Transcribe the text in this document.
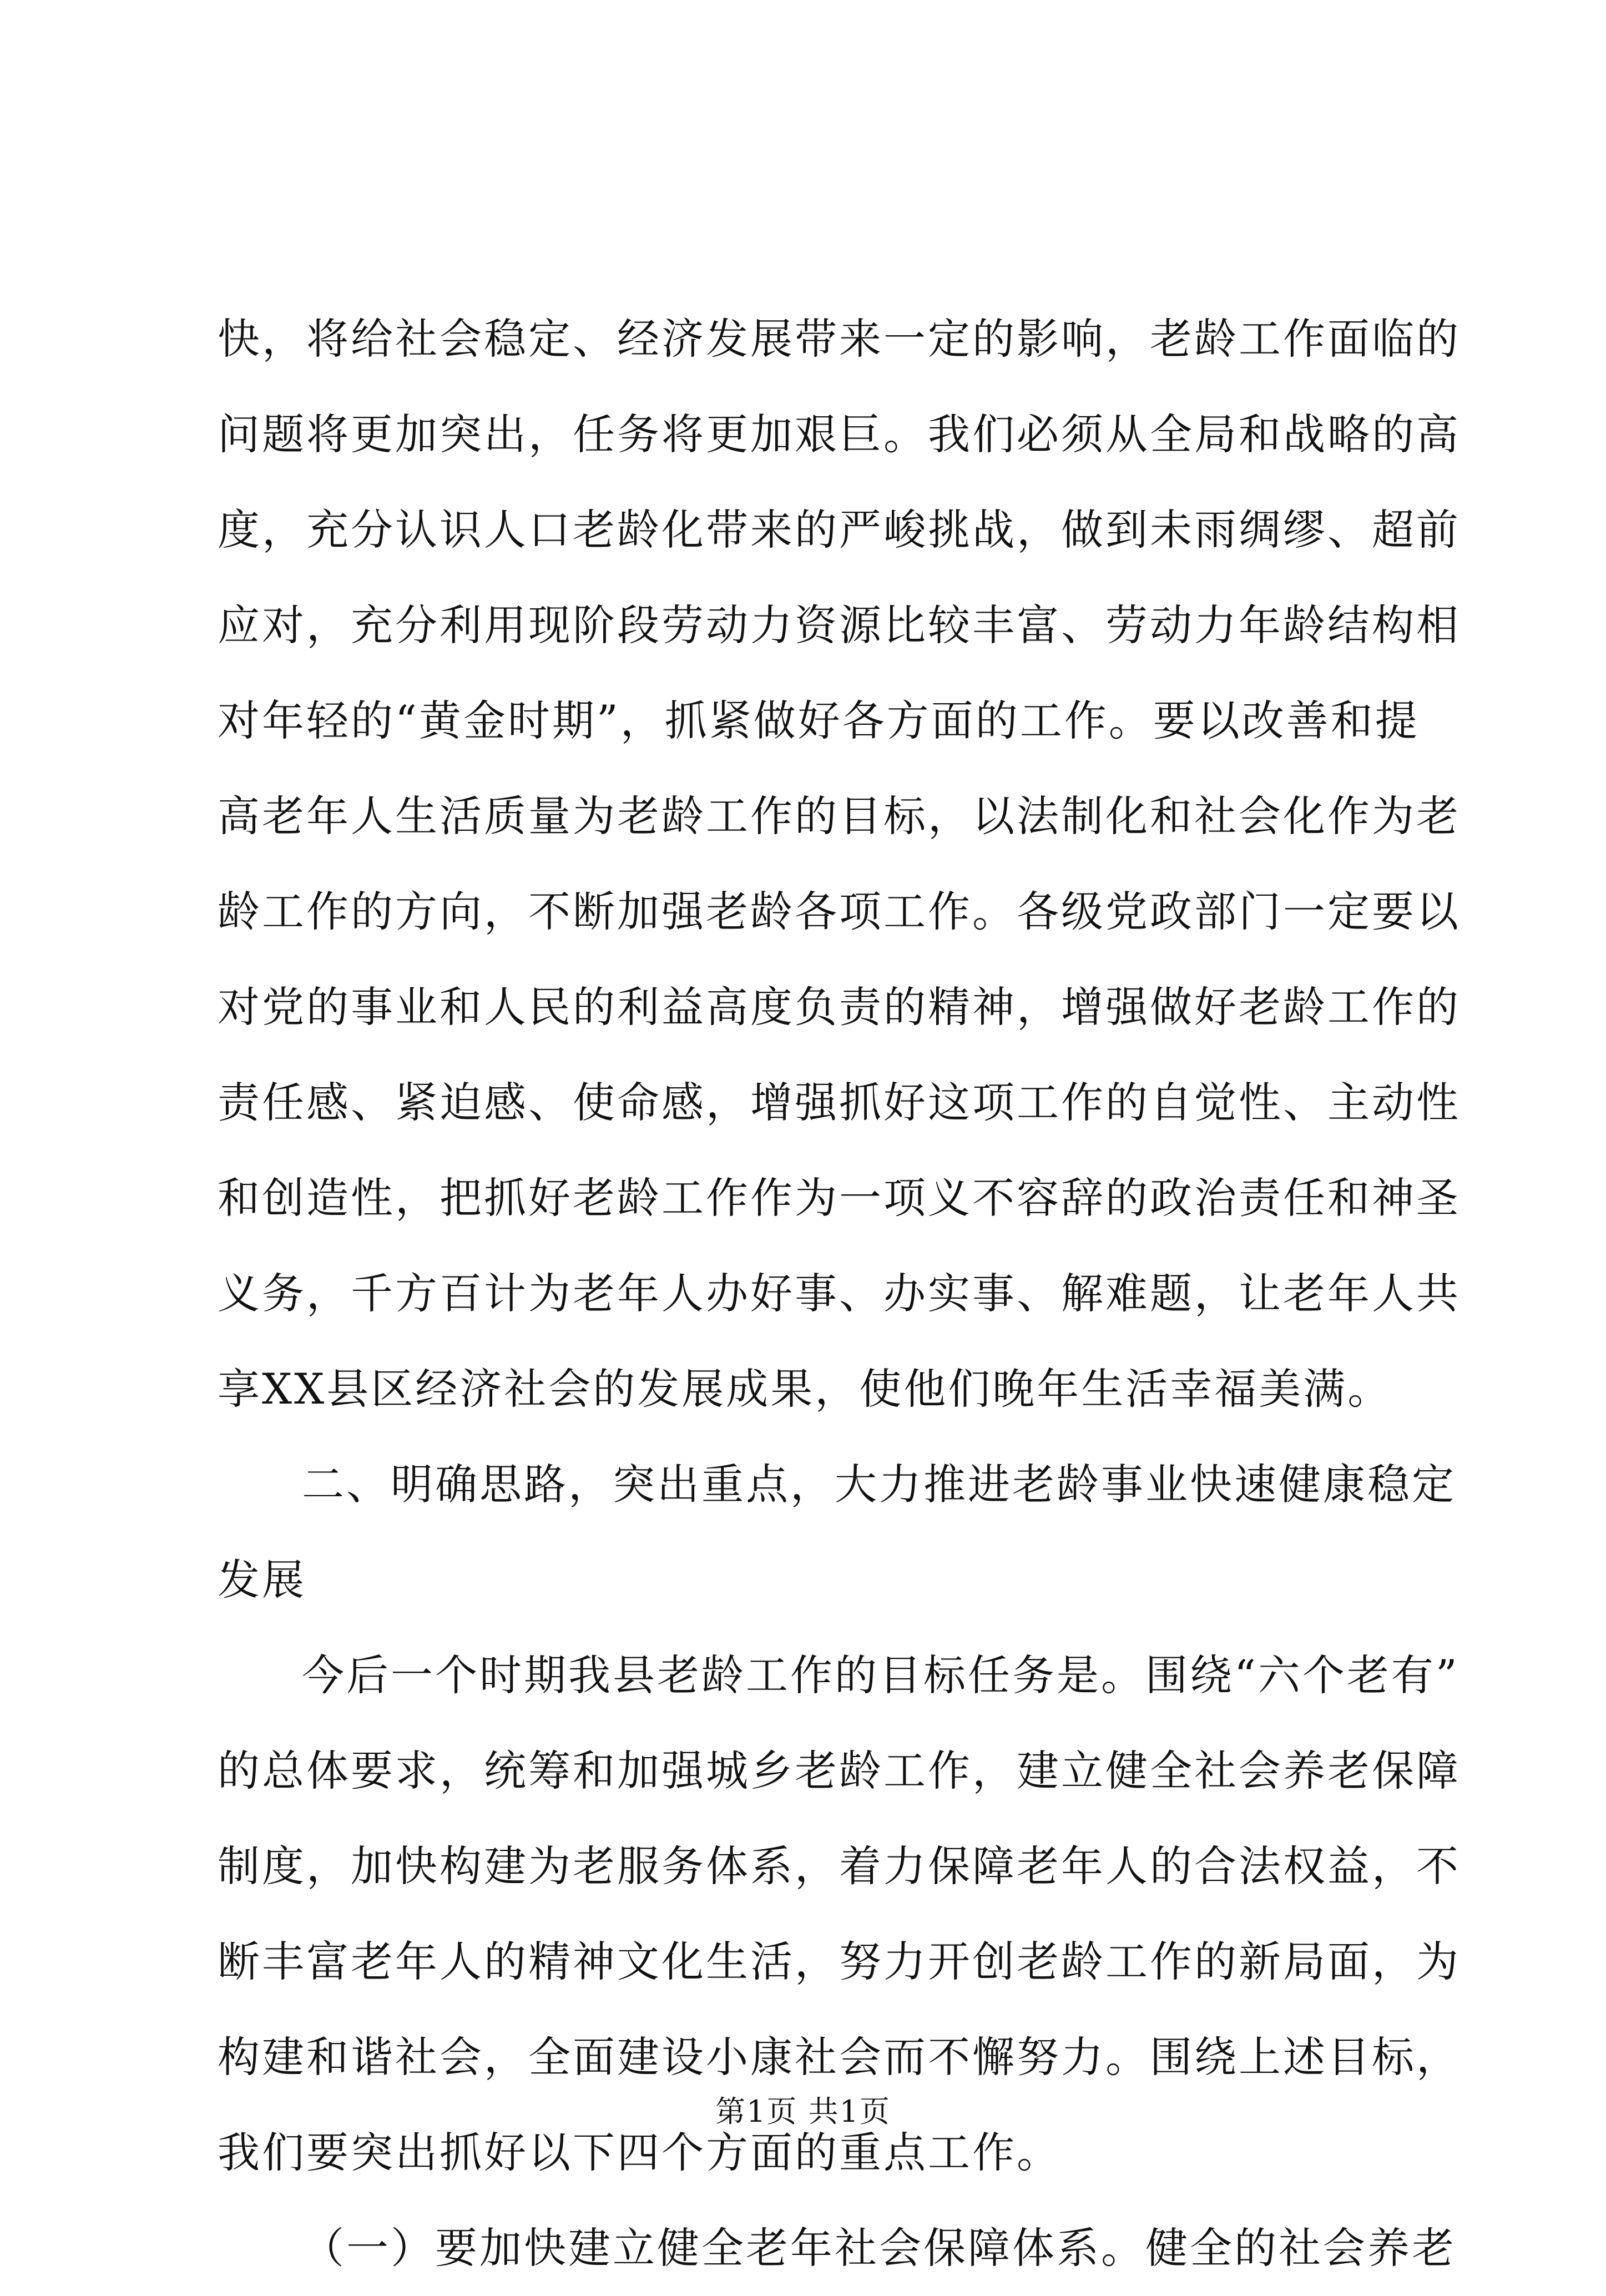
快，将给社会稳定、经济发展带来一定的影响，老龄工作面临的
问题将更加突出，任务将更加艰巨。我们必须从全局和战略的高
度，充分认识人口老龄化带来的严峻挑战，做到未雨绸缪、超前
应对，充分利用现阶段劳动力资源比较丰富、劳动力年龄结构相
对年轻的“黄金时期”，抓紧做好各方面的工作。要以改善和提
高老年人生活质量为老龄工作的目标，以法制化和社会化作为老
龄工作的方向，不断加强老龄各项工作。各级党政部门一定要以
对党的事业和人民的利益高度负责的精神，增强做好老龄工作的
责任感、紧迫感、使命感，增强抓好这项工作的自觉性、主动性
和创造性，把抓好老龄工作作为一项义不容辞的政治责任和神圣
义务，千方百计为老年人办好事、办实事、解难题，让老年人共
享XX县区经济社会的发展成果，使他们晚年生活幸福美满。
二、明确思路，突出重点，大力推进老龄事业快速健康稳定
发展
今后一个时期我县老龄工作的目标任务是。围绕“六个老有”
的总体要求，统筹和加强城乡老龄工作，建立健全社会养老保障
制度，加快构建为老服务体系，着力保障老年人的合法权益，不
断丰富老年人的精神文化生活，努力开创老龄工作的新局面，为
构建和谐社会，全面建设小康社会而不懈努力。围绕上述目标，
我们要突出抓好以下四个方面的重点工作。
（一）要加快建立健全老年社会保障体系。健全的社会养老
第1页 共1页
